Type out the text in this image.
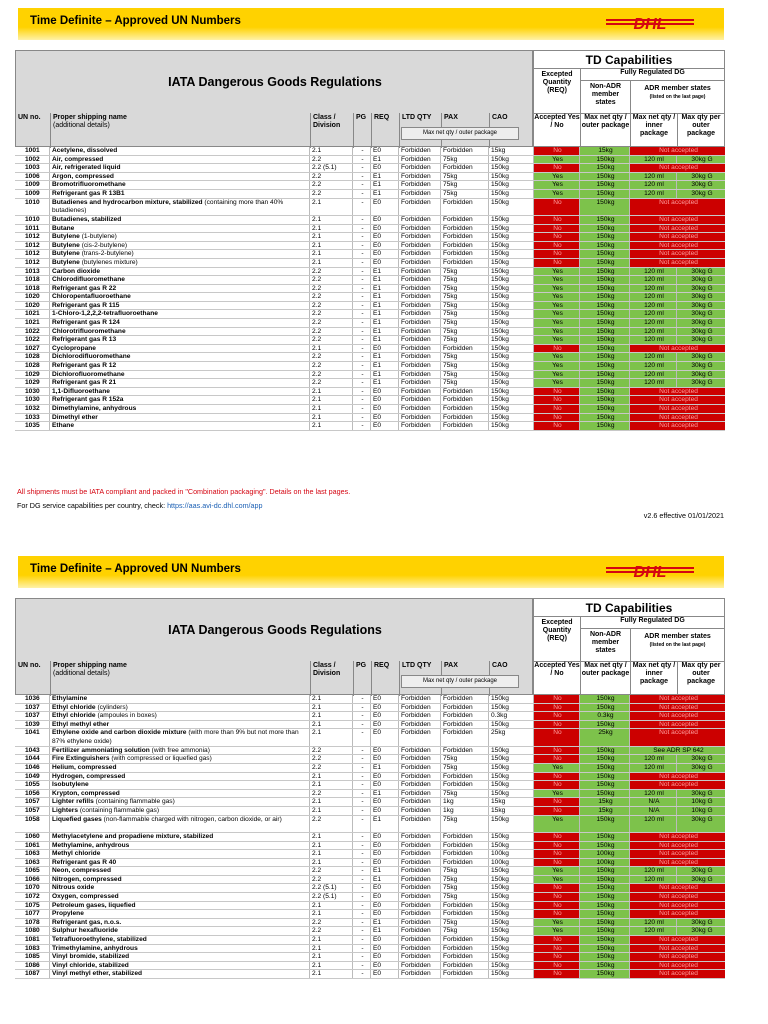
Time Definite – Approved UN Numbers	DHL
IATA Dangerous Goods Regulations
UN no.	Proper shipping name
(additional details)
Class / Division
PG	REQ	LTD QTY	PAX	CAO
Max net qty / outer package
TD Capabilities
Excepted Quantity (REQ)
Fully Regulated DG
Non-ADR member states
ADR member states
(listed on the last page)
Accepted Yes / No
Max net qty / outer package
Max net qty / inner package
Max qty per outer package
1001	Acetylene, dissolved	2.1	-	E0	Forbidden	Forbidden	15kg	No	15kg	Not accepted
1002	Air, compressed	2.2	-	E1	Forbidden	75kg	150kg	Yes	150kg	120 ml	30kg G
1003	Air, refrigerated liquid	2.2 (5.1)	-	E0	Forbidden	Forbidden	150kg	No	150kg	Not accepted
1006	Argon, compressed	2.2	-	E1	Forbidden	75kg	150kg	Yes	150kg	120 ml	30kg G
1009	Bromotrifluoromethane	2.2	-	E1	Forbidden	75kg	150kg	Yes	150kg	120 ml	30kg G
1009	Refrigerant gas R 13B1	2.2	-	E1	Forbidden	75kg	150kg	Yes	150kg	120 ml	30kg G
1010	Butadienes and hydrocarbon mixture, stabilized (containing more than 40% butadienes)
2.1	-	E0	Forbidden	Forbidden	150kg	No	150kg	Not accepted
1010	Butadienes, stabilized	2.1	-	E0	Forbidden	Forbidden	150kg	No	150kg	Not accepted
1011	Butane	2.1	-	E0	Forbidden	Forbidden	150kg	No	150kg	Not accepted
1012	Butylene (1-butylene)	2.1	-	E0	Forbidden	Forbidden	150kg	No	150kg	Not accepted
1012	Butylene (cis-2-butylene)	2.1	-	E0	Forbidden	Forbidden	150kg	No	150kg	Not accepted
1012	Butylene (trans-2-butylene)	2.1	-	E0	Forbidden	Forbidden	150kg	No	150kg	Not accepted
1012	Butylene (butylenes mixture)	2.1	-	E0	Forbidden	Forbidden	150kg	No	150kg	Not accepted
1013	Carbon dioxide	2.2	-	E1	Forbidden	75kg	150kg	Yes	150kg	120 ml	30kg G
1018	Chlorodifluoromethane	2.2	-	E1	Forbidden	75kg	150kg	Yes	150kg	120 ml	30kg G
1018	Refrigerant gas R 22	2.2	-	E1	Forbidden	75kg	150kg	Yes	150kg	120 ml	30kg G
1020	Chloropentafluoroethane	2.2	-	E1	Forbidden	75kg	150kg	Yes	150kg	120 ml	30kg G
1020	Refrigerant gas R 115	2.2	-	E1	Forbidden	75kg	150kg	Yes	150kg	120 ml	30kg G
1021	1-Chloro-1,2,2,2-tetrafluoroethane	2.2	-	E1	Forbidden	75kg	150kg	Yes	150kg	120 ml	30kg G
1021	Refrigerant gas R 124	2.2	-	E1	Forbidden	75kg	150kg	Yes	150kg	120 ml	30kg G
1022	Chlorotrifluoromethane	2.2	-	E1	Forbidden	75kg	150kg	Yes	150kg	120 ml	30kg G
1022	Refrigerant gas R 13	2.2	-	E1	Forbidden	75kg	150kg	Yes	150kg	120 ml	30kg G
1027	Cyclopropane	2.1	-	E0	Forbidden	Forbidden	150kg	No	150kg	Not accepted
1028	Dichlorodifluoromethane	2.2	-	E1	Forbidden	75kg	150kg	Yes	150kg	120 ml	30kg G
1028	Refrigerant gas R 12	2.2	-	E1	Forbidden	75kg	150kg	Yes	150kg	120 ml	30kg G
1029	Dichlorofluoromethane	2.2	-	E1	Forbidden	75kg	150kg	Yes	150kg	120 ml	30kg G
1029	Refrigerant gas R 21	2.2	-	E1	Forbidden	75kg	150kg	Yes	150kg	120 ml	30kg G
1030	1,1-Difluoroethane	2.1	-	E0	Forbidden	Forbidden	150kg	No	150kg	Not accepted
1030	Refrigerant gas R 152a	2.1	-	E0	Forbidden	Forbidden	150kg	No	150kg	Not accepted
1032	Dimethylamine, anhydrous	2.1	-	E0	Forbidden	Forbidden	150kg	No	150kg	Not accepted
1033	Dimethyl ether	2.1	-	E0	Forbidden	Forbidden	150kg	No	150kg	Not accepted
1035	Ethane	2.1	-	E0	Forbidden	Forbidden	150kg	No	150kg	Not accepted
All shipments must be IATA compliant and packed in "Combination packaging". Details on the last pages.
For DG service capabilities per country, check: https://aas.avi-dc.dhl.com/app
v2.6 effective 01/01/2021
Time Definite – Approved UN Numbers	DHL
IATA Dangerous Goods Regulations
UN no.	Proper shipping name
(additional details)
Class / Division
PG	REQ	LTD QTY	PAX	CAO
Max net qty / outer package
TD Capabilities
Excepted Quantity (REQ)
Fully Regulated DG
Non-ADR member states
ADR member states
(listed on the last page)
Accepted Yes / No
Max net qty / outer package
Max net qty / inner package
Max qty per outer package
1036	Ethylamine	2.1	-	E0	Forbidden	Forbidden	150kg	No	150kg	Not accepted
1037	Ethyl chloride (cylinders)	2.1	-	E0	Forbidden	Forbidden	150kg	No	150kg	Not accepted
1037	Ethyl chloride (ampoules in boxes)	2.1	-	E0	Forbidden	Forbidden	0.3kg	No	0.3kg	Not accepted
1039	Ethyl methyl ether	2.1	-	E0	Forbidden	Forbidden	150kg	No	150kg	Not accepted
1041	Ethylene oxide and carbon dioxide mixture (with more than 9% but not more than 87% ethylene oxide)
2.1	-	E0	Forbidden	Forbidden	25kg	No	25kg	Not accepted
1043	Fertilizer ammoniating solution (with free ammonia)	2.2	-	E0	Forbidden	Forbidden	150kg	No	150kg	See ADR SP 642
1044	Fire Extinguishers (with compressed or liquefied gas)	2.2	-	E0	Forbidden	75kg	150kg	No	150kg	120 ml	30kg G
1046	Helium, compressed	2.2	-	E1	Forbidden	75kg	150kg	Yes	150kg	120 ml	30kg G
1049	Hydrogen, compressed	2.1	-	E0	Forbidden	Forbidden	150kg	No	150kg	Not accepted
1055	Isobutylene	2.1	-	E0	Forbidden	Forbidden	150kg	No	150kg	Not accepted
1056	Krypton, compressed	2.2	-	E1	Forbidden	75kg	150kg	Yes	150kg	120 ml	30kg G
1057	Lighter refills (containing flammable gas)	2.1	-	E0	Forbidden	1kg	15kg	No	15kg	N/A	10kg G
1057	Lighters (containing flammable gas)	2.1	-	E0	Forbidden	1kg	15kg	No	15kg	N/A	10kg G
1058	Liquefied gases (non-flammable charged with nitrogen, carbon dioxide, or air)	2.2	-	E1	Forbidden	75kg	150kg	Yes	150kg	120 ml	30kg G
1060	Methylacetylene and propadiene mixture, stabilized	2.1	-	E0	Forbidden	Forbidden	150kg	No	150kg	Not accepted
1061	Methylamine, anhydrous	2.1	-	E0	Forbidden	Forbidden	150kg	No	150kg	Not accepted
1063	Methyl chloride	2.1	-	E0	Forbidden	Forbidden	100kg	No	100kg	Not accepted
1063	Refrigerant gas R 40	2.1	-	E0	Forbidden	Forbidden	100kg	No	100kg	Not accepted
1065	Neon, compressed	2.2	-	E1	Forbidden	75kg	150kg	Yes	150kg	120 ml	30kg G
1066	Nitrogen, compressed	2.2	-	E1	Forbidden	75kg	150kg	Yes	150kg	120 ml	30kg G
1070	Nitrous oxide	2.2 (5.1)	-	E0	Forbidden	75kg	150kg	No	150kg	Not accepted
1072	Oxygen, compressed	2.2 (5.1)	-	E0	Forbidden	75kg	150kg	No	150kg	Not accepted
1075	Petroleum gases, liquefied	2.1	-	E0	Forbidden	Forbidden	150kg	No	150kg	Not accepted
1077	Propylene	2.1	-	E0	Forbidden	Forbidden	150kg	No	150kg	Not accepted
1078	Refrigerant gas, n.o.s.	2.2	-	E1	Forbidden	75kg	150kg	Yes	150kg	120 ml	30kg G
1080	Sulphur hexafluoride	2.2	-	E1	Forbidden	75kg	150kg	Yes	150kg	120 ml	30kg G
1081	Tetrafluoroethylene, stabilized	2.1	-	E0	Forbidden	Forbidden	150kg	No	150kg	Not accepted
1083	Trimethylamine, anhydrous	2.1	-	E0	Forbidden	Forbidden	150kg	No	150kg	Not accepted
1085	Vinyl bromide, stabilized	2.1	-	E0	Forbidden	Forbidden	150kg	No	150kg	Not accepted
1086	Vinyl chloride, stabilized	2.1	-	E0	Forbidden	Forbidden	150kg	No	150kg	Not accepted
1087	Vinyl methyl ether, stabilized	2.1	-	E0	Forbidden	Forbidden	150kg	No	150kg	Not accepted
